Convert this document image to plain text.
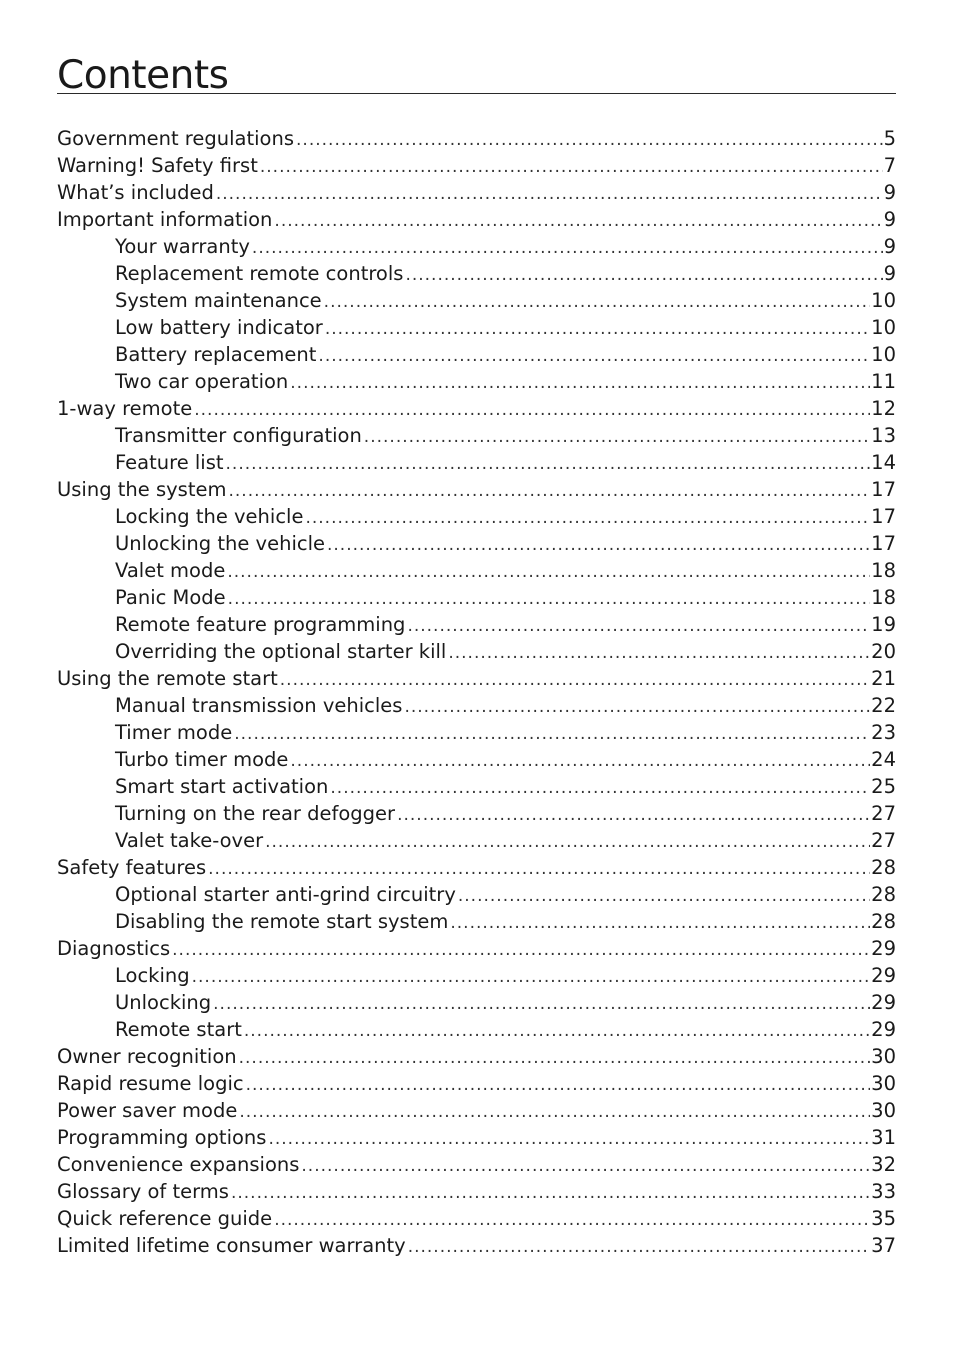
Contents
Government regulations .....	5
Warning! Safety first .....	7
What’s included .....	9
Important information .....	9
Your warranty .....	9
Replacement remote controls .....	9
System maintenance .....	10
Low battery indicator .....	10
Battery replacement .....	10
Two car operation .....	11
1-way remote .....	12
Transmitter configuration .....	13
Feature list .....	14
Using the system .....	17
Locking the vehicle .....	17
Unlocking the vehicle .....	17
Valet mode .....	18
Panic Mode .....	18
Remote feature programming .....	19
Overriding the optional starter kill .....	20
Using the remote start .....	21
Manual transmission vehicles .....	22
Timer mode .....	23
Turbo timer mode .....	24
Smart start activation .....	25
Turning on the rear defogger .....	27
Valet take-over .....	27
Safety features .....	28
Optional starter anti-grind circuitry .....	28
Disabling the remote start system .....	28
Diagnostics .....	29
Locking .....	29
Unlocking .....	29
Remote start .....	29
Owner recognition .....	30
Rapid resume logic .....	30
Power saver mode .....	30
Programming options .....	31
Convenience expansions .....	32
Glossary of terms .....	33
Quick reference guide .....	35
Limited lifetime consumer warranty .....	37
